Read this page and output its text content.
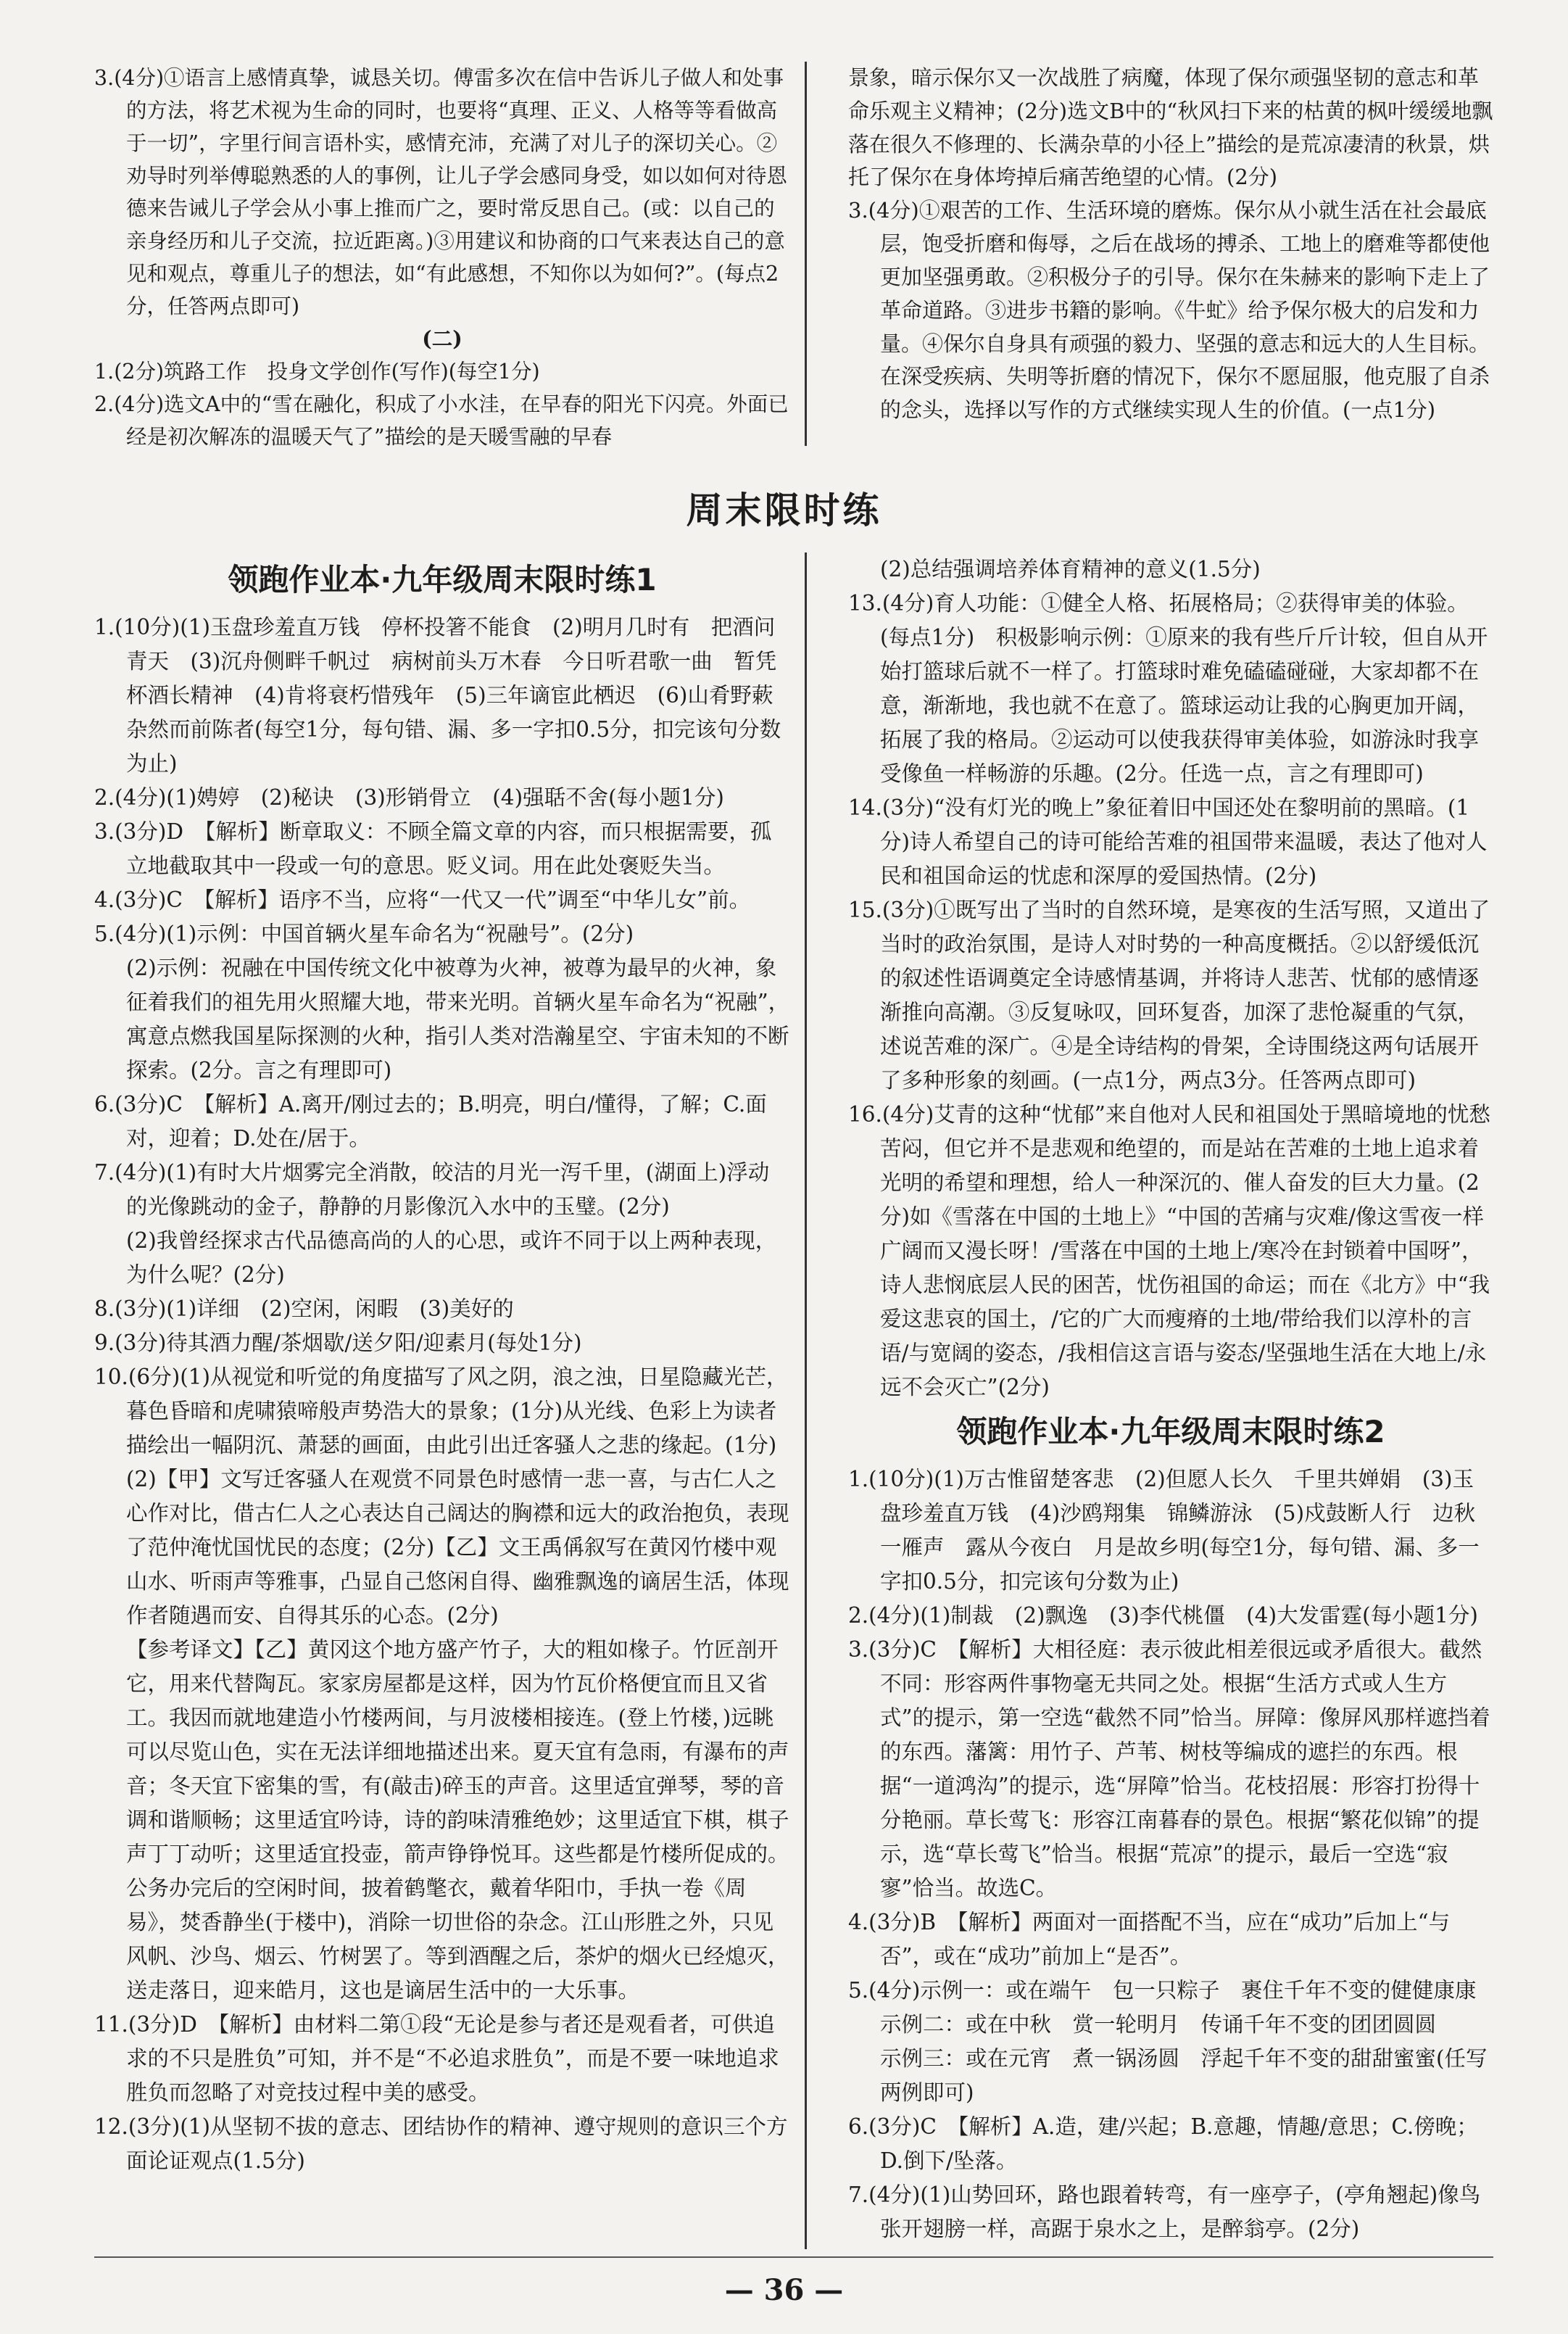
3.(4分)①语言上感情真挚，诚恳关切。傅雷多次在信中告诉儿子做人和处事的方法，将艺术视为生命的同时，也要将“真理、正义、人格等等看做高于一切”，字里行间言语朴实，感情充沛，充满了对儿子的深切关心。②劝导时列举傅聪熟悉的人的事例，让儿子学会感同身受，如以如何对待恩德来告诫儿子学会从小事上推而广之，要时常反思自己。(或：以自己的亲身经历和儿子交流，拉近距离。)③用建议和协商的口气来表达自己的意见和观点，尊重儿子的想法，如“有此感想，不知你以为如何?”。(每点2分，任答两点即可)
(二)
1.(2分)筑路工作　投身文学创作(写作)(每空1分)
2.(4分)选文A中的“雪在融化，积成了小水洼，在早春的阳光下闪亮。外面已经是初次解冻的温暖天气了”描绘的是天暖雪融的早春
景象，暗示保尔又一次战胜了病魔，体现了保尔顽强坚韧的意志和革命乐观主义精神；(2分)选文B中的“秋风扫下来的枯黄的枫叶缓缓地飘落在很久不修理的、长满杂草的小径上”描绘的是荒凉凄清的秋景，烘托了保尔在身体垮掉后痛苦绝望的心情。(2分)
3.(4分)①艰苦的工作、生活环境的磨炼。保尔从小就生活在社会最底层，饱受折磨和侮辱，之后在战场的搏杀、工地上的磨难等都使他更加坚强勇敢。②积极分子的引导。保尔在朱赫来的影响下走上了革命道路。③进步书籍的影响。《牛虻》给予保尔极大的启发和力量。④保尔自身具有顽强的毅力、坚强的意志和远大的人生目标。在深受疾病、失明等折磨的情况下，保尔不愿屈服，他克服了自杀的念头，选择以写作的方式继续实现人生的价值。(一点1分)
周末限时练
领跑作业本·九年级周末限时练1
1.(10分)(1)玉盘珍羞直万钱　停杯投箸不能食　(2)明月几时有　把酒问青天　(3)沉舟侧畔千帆过　病树前头万木春　今日听君歌一曲　暂凭杯酒长精神　(4)肯将衰朽惜残年　(5)三年谪宦此栖迟　(6)山肴野蔌　杂然而前陈者(每空1分，每句错、漏、多一字扣0.5分，扣完该句分数为止)
2.(4分)(1)娉婷　(2)秘诀　(3)形销骨立　(4)强聒不舍(每小题1分)
3.(3分)D　【解析】断章取义：不顾全篇文章的内容，而只根据需要，孤立地截取其中一段或一句的意思。贬义词。用在此处褒贬失当。
4.(3分)C　【解析】语序不当，应将“一代又一代”调至“中华儿女”前。
5.(4分)(1)示例：中国首辆火星车命名为“祝融号”。(2分)
(2)示例：祝融在中国传统文化中被尊为火神，被尊为最早的火神，象征着我们的祖先用火照耀大地，带来光明。首辆火星车命名为“祝融”，寓意点燃我国星际探测的火种，指引人类对浩瀚星空、宇宙未知的不断探索。(2分。言之有理即可)
6.(3分)C　【解析】A.离开/刚过去的；B.明亮，明白/懂得，了解；C.面对，迎着；D.处在/居于。
7.(4分)(1)有时大片烟雾完全消散，皎洁的月光一泻千里，(湖面上)浮动的光像跳动的金子，静静的月影像沉入水中的玉璧。(2分)
(2)我曾经探求古代品德高尚的人的心思，或许不同于以上两种表现，为什么呢？(2分)
8.(3分)(1)详细　(2)空闲，闲暇　(3)美好的
9.(3分)待其酒力醒/茶烟歇/送夕阳/迎素月(每处1分)
10.(6分)(1)从视觉和听觉的角度描写了风之阴，浪之浊，日星隐藏光芒，暮色昏暗和虎啸猿啼般声势浩大的景象；(1分)从光线、色彩上为读者描绘出一幅阴沉、萧瑟的画面，由此引出迁客骚人之悲的缘起。(1分)
(2)【甲】文写迁客骚人在观赏不同景色时感情一悲一喜，与古仁人之心作对比，借古仁人之心表达自己阔达的胸襟和远大的政治抱负，表现了范仲淹忧国忧民的态度；(2分)【乙】文王禹偁叙写在黄冈竹楼中观山水、听雨声等雅事，凸显自己悠闲自得、幽雅飘逸的谪居生活，体现作者随遇而安、自得其乐的心态。(2分)
【参考译文】【乙】黄冈这个地方盛产竹子，大的粗如椽子。竹匠剖开它，用来代替陶瓦。家家房屋都是这样，因为竹瓦价格便宜而且又省工。我因而就地建造小竹楼两间，与月波楼相接连。(登上竹楼，)远眺可以尽览山色，实在无法详细地描述出来。夏天宜有急雨，有瀑布的声音；冬天宜下密集的雪，有(敲击)碎玉的声音。这里适宜弹琴，琴的音调和谐顺畅；这里适宜吟诗，诗的韵味清雅绝妙；这里适宜下棋，棋子声丁丁动听；这里适宜投壶，箭声铮铮悦耳。这些都是竹楼所促成的。公务办完后的空闲时间，披着鹤氅衣，戴着华阳巾，手执一卷《周易》，焚香静坐(于楼中)，消除一切世俗的杂念。江山形胜之外，只见风帆、沙鸟、烟云、竹树罢了。等到酒醒之后，茶炉的烟火已经熄灭，送走落日，迎来皓月，这也是谪居生活中的一大乐事。
11.(3分)D　【解析】由材料二第①段“无论是参与者还是观看者，可供追求的不只是胜负”可知，并不是“不必追求胜负”，而是不要一味地追求胜负而忽略了对竞技过程中美的感受。
12.(3分)(1)从坚韧不拔的意志、团结协作的精神、遵守规则的意识三个方面论证观点(1.5分)
(2)总结强调培养体育精神的意义(1.5分)
13.(4分)育人功能：①健全人格、拓展格局；②获得审美的体验。(每点1分)　积极影响示例：①原来的我有些斤斤计较，但自从开始打篮球后就不一样了。打篮球时难免磕磕碰碰，大家却都不在意，渐渐地，我也就不在意了。篮球运动让我的心胸更加开阔，拓展了我的格局。②运动可以使我获得审美体验，如游泳时我享受像鱼一样畅游的乐趣。(2分。任选一点，言之有理即可)
14.(3分)“没有灯光的晚上”象征着旧中国还处在黎明前的黑暗。(1分)诗人希望自己的诗可能给苦难的祖国带来温暖，表达了他对人民和祖国命运的忧虑和深厚的爱国热情。(2分)
15.(3分)①既写出了当时的自然环境，是寒夜的生活写照，又道出了当时的政治氛围，是诗人对时势的一种高度概括。②以舒缓低沉的叙述性语调奠定全诗感情基调，并将诗人悲苦、忧郁的感情逐渐推向高潮。③反复咏叹，回环复沓，加深了悲怆凝重的气氛，述说苦难的深广。④是全诗结构的骨架，全诗围绕这两句话展开了多种形象的刻画。(一点1分，两点3分。任答两点即可)
16.(4分)艾青的这种“忧郁”来自他对人民和祖国处于黑暗境地的忧愁苦闷，但它并不是悲观和绝望的，而是站在苦难的土地上追求着光明的希望和理想，给人一种深沉的、催人奋发的巨大力量。(2分)如《雪落在中国的土地上》“中国的苦痛与灾难/像这雪夜一样广阔而又漫长呀！/雪落在中国的土地上/寒冷在封锁着中国呀”，诗人悲悯底层人民的困苦，忧伤祖国的命运；而在《北方》中“我爱这悲哀的国土，/它的广大而瘦瘠的土地/带给我们以淳朴的言语/与宽阔的姿态，/我相信这言语与姿态/坚强地生活在大地上/永远不会灭亡”(2分)
领跑作业本·九年级周末限时练2
1.(10分)(1)万古惟留楚客悲　(2)但愿人长久　千里共婵娟　(3)玉盘珍羞直万钱　(4)沙鸥翔集　锦鳞游泳　(5)戍鼓断人行　边秋一雁声　露从今夜白　月是故乡明(每空1分，每句错、漏、多一字扣0.5分，扣完该句分数为止)
2.(4分)(1)制裁　(2)飘逸　(3)李代桃僵　(4)大发雷霆(每小题1分)
3.(3分)C　【解析】大相径庭：表示彼此相差很远或矛盾很大。截然不同：形容两件事物毫无共同之处。根据“生活方式或人生方式”的提示，第一空选“截然不同”恰当。屏障：像屏风那样遮挡着的东西。藩篱：用竹子、芦苇、树枝等编成的遮拦的东西。根据“一道鸿沟”的提示，选“屏障”恰当。花枝招展：形容打扮得十分艳丽。草长莺飞：形容江南暮春的景色。根据“繁花似锦”的提示，选“草长莺飞”恰当。根据“荒凉”的提示，最后一空选“寂寥”恰当。故选C。
4.(3分)B　【解析】两面对一面搭配不当，应在“成功”后加上“与否”，或在“成功”前加上“是否”。
5.(4分)示例一：或在端午　包一只粽子　裹住千年不变的健健康康
示例二：或在中秋　赏一轮明月　传诵千年不变的团团圆圆
示例三：或在元宵　煮一锅汤圆　浮起千年不变的甜甜蜜蜜(任写两例即可)
6.(3分)C　【解析】A.造，建/兴起；B.意趣，情趣/意思；C.傍晚；D.倒下/坠落。
7.(4分)(1)山势回环，路也跟着转弯，有一座亭子，(亭角翘起)像鸟张开翅膀一样，高踞于泉水之上，是醉翁亭。(2分)
— 36 —
